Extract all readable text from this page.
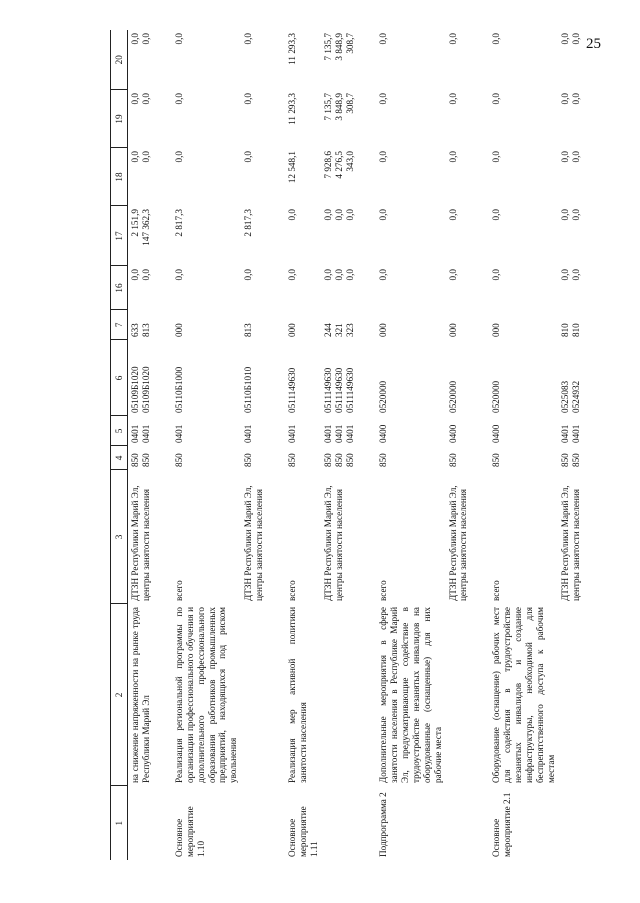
25
1	2	3	4	5	6	7	16	17	18	19	20
	на снижение напряженности на рынке труда Республики Марий Эл	ДТЗН Республики Марий Эл, центры занятости населения	850 850	0401 0401	05109Б1020 05109Б1020	633 813	0,0 0,0	2 151,9 147 362,3	0,0 0,0	0,0 0,0	0,0 0,0

Основное мероприятие 1.10	Реализация региональной программы по организации профессионального обучения и дополнительного профессионального образования работников промышленных предприятий, находящихся под риском увольнения	всего	850	0401	05110Б1000	000	0,0	2 817,3	0,0	0,0	0,0

		ДТЗН Республики Марий Эл, центры занятости населения	850	0401	05110Б1010	813	0,0	2 817,3	0,0	0,0	0,0

Основное мероприятие 1.11	Реализация мер активной политики занятости населения	всего	850	0401	0511149630	000	0,0	0,0	12 548,1	11 293,3	11 293,3

		ДТЗН Республики Марий Эл, центры занятости населения	850 850 850	0401 0401 0401	0511149630 0511149630 0511149630	244 321 323	0,0 0,0 0,0	0,0 0,0 0,0	7 928,6 4 276,5 343,0	7 135,7 3 848,9 308,7	7 135,7 3 848,9 308,7

Подпрограмма 2	Дополнительные мероприятия в сфере занятости населения в Республике Марий Эл, предусматривающие содействие в трудоустройстве незанятых инвалидов на оборудованные (оснащенные) для них рабочие места	всего	850	0400	0520000	000	0,0	0,0	0,0	0,0	0,0

		ДТЗН Республики Марий Эл, центры занятости населения	850	0400	0520000	000	0,0	0,0	0,0	0,0	0,0

Основное мероприятие 2.1	Оборудование (оснащение) рабочих мест для содействия в трудоустройстве незанятых инвалидов и создание инфраструктуры, необходимой для беспрепятственного доступа к рабочим местам	всего	850	0400	0520000	000	0,0	0,0	0,0	0,0	0,0

		ДТЗН Республики Марий Эл, центры занятости населения	850 850	0401 0401	0525083 0524932	810 810	0,0 0,0	0,0 0,0	0,0 0,0	0,0 0,0	0,0 0,0
